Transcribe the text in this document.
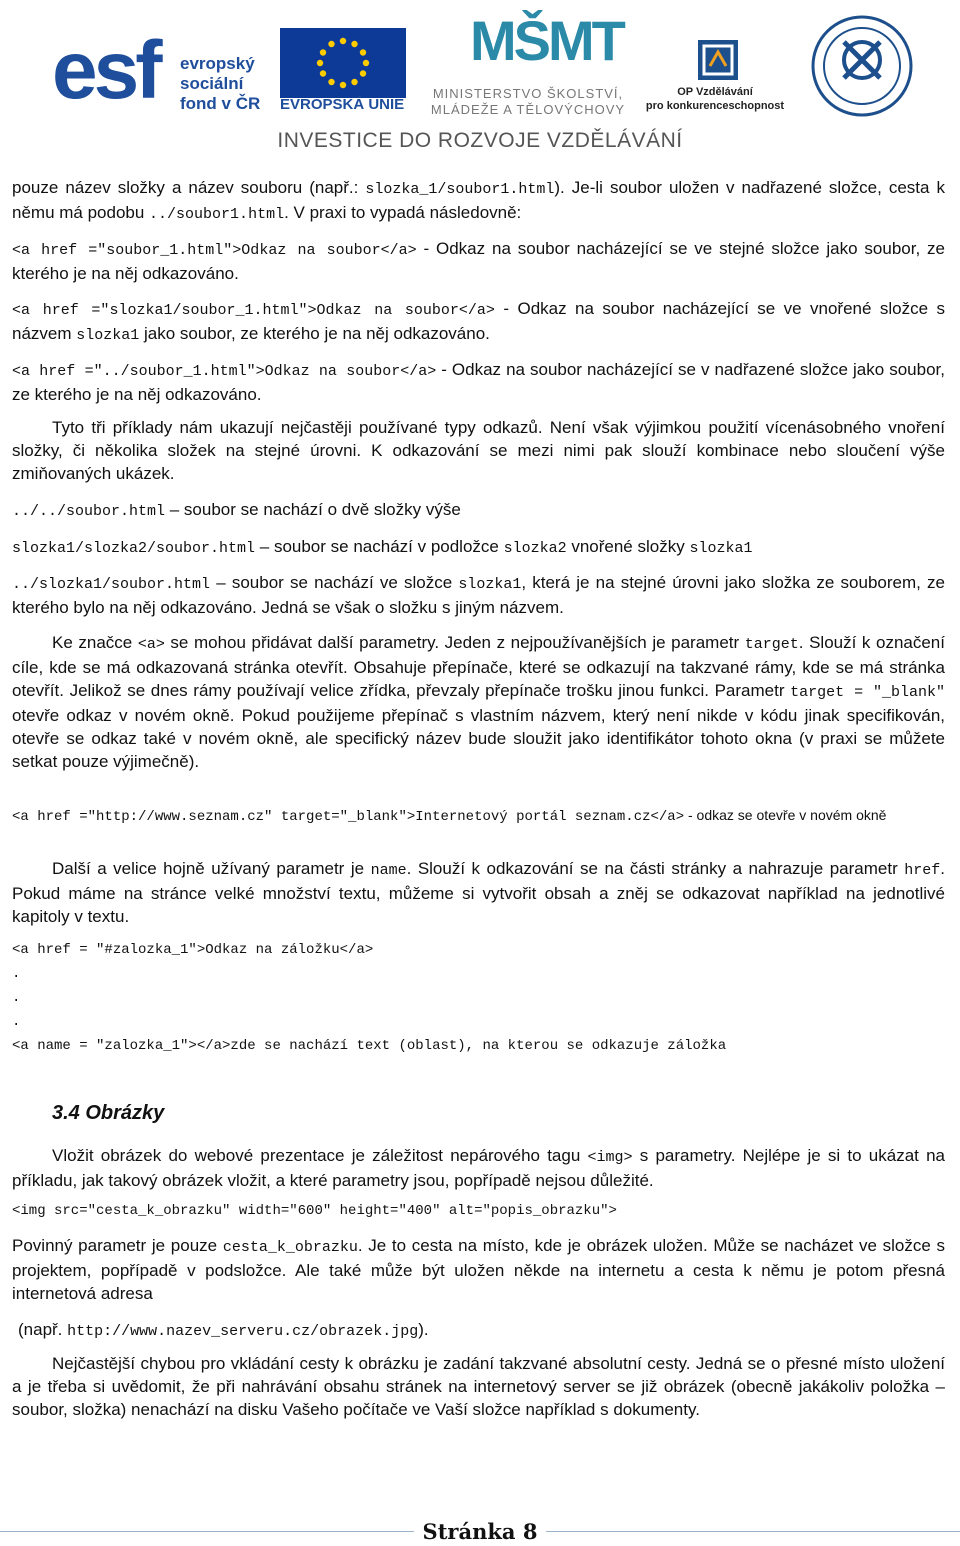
esf evropský
sociální
fond v ČR EVROPSKÁ UNIE
MŠMT
MINISTERSTVO ŠKOLSTVÍ,
MLÁDEŽE A TĚLOVÝCHOVY
OP Vzdělávání
pro konkurenceschopnost
INVESTICE DO ROZVOJE VZDĚLÁVÁNÍ
pouze název složky a název souboru (např.: slozka_1/soubor1.html). Je-li soubor uložen v nadřazené složce, cesta k němu má podobu ../soubor1.html. V praxi to vypadá následovně:
<a href ="soubor_1.html">Odkaz na soubor</a> - Odkaz na soubor nacházející se ve stejné složce jako soubor, ze kterého je na něj odkazováno.
<a href ="slozka1/soubor_1.html">Odkaz na soubor</a> - Odkaz na soubor nacházející se ve vnořené složce s názvem slozka1 jako soubor, ze kterého je na něj odkazováno.
<a href ="../soubor_1.html">Odkaz na soubor</a> - Odkaz na soubor nacházející se v nadřazené složce jako soubor, ze kterého je na něj odkazováno.
Tyto tři příklady nám ukazují nejčastěji používané typy odkazů. Není však výjimkou použití vícenásobného vnoření složky, či několika složek na stejné úrovni. K odkazování se mezi nimi pak slouží kombinace nebo sloučení výše zmiňovaných ukázek.
../../soubor.html – soubor se nachází o dvě složky výše
slozka1/slozka2/soubor.html – soubor se nachází v podložce slozka2 vnořené složky slozka1
../slozka1/soubor.html – soubor se nachází ve složce slozka1, která je na stejné úrovni jako složka ze souborem, ze kterého bylo na něj odkazováno. Jedná se však o složku s jiným názvem.
Ke značce <a> se mohou přidávat další parametry. Jeden z nejpoužívanějších je parametr target. Slouží k označení cíle, kde se má odkazovaná stránka otevřít. Obsahuje přepínače, které se odkazují na takzvané rámy, kde se má stránka otevřít. Jelikož se dnes rámy používají velice zřídka, převzaly přepínače trošku jinou funkci. Parametr target = "_blank" otevře odkaz v novém okně. Pokud použijeme přepínač s vlastním názvem, který není nikde v kódu jinak specifikován, otevře se odkaz také v novém okně, ale specifický název bude sloužit jako identifikátor tohoto okna (v praxi se můžete setkat pouze výjimečně).
<a href ="http://www.seznam.cz" target="_blank">Internetový portál seznam.cz</a> - odkaz se otevře v novém okně
Další a velice hojně užívaný parametr je name. Slouží k odkazování se na části stránky a nahrazuje parametr href. Pokud máme na stránce velké množství textu, můžeme si vytvořit obsah a zněj se odkazovat například na jednotlivé kapitoly v textu.
<a href = "#zalozka_1">Odkaz na záložku</a>
.
.
.
<a name = "zalozka_1"></a>zde se nachází text (oblast), na kterou se odkazuje záložka
3.4 Obrázky
Vložit obrázek do webové prezentace je záležitost nepárového tagu <img> s parametry. Nejlépe je si to ukázat na příkladu, jak takový obrázek vložit, a které parametry jsou, popřípadě nejsou důležité.
<img src="cesta_k_obrazku" width="600" height="400" alt="popis_obrazku">
Povinný parametr je pouze cesta_k_obrazku. Je to cesta na místo, kde je obrázek uložen. Může se nacházet ve složce s projektem, popřípadě v podsložce. Ale také může být uložen někde na internetu a cesta k němu je potom přesná internetová adresa
(např. http://www.nazev_serveru.cz/obrazek.jpg).
Nejčastější chybou pro vkládání cesty k obrázku je zadání takzvané absolutní cesty. Jedná se o přesné místo uložení a je třeba si uvědomit, že při nahrávání obsahu stránek na internetový server se již obrázek (obecně jakákoliv položka – soubor, složka) nenachází na disku Vašeho počítače ve Vaší složce například s dokumenty.
Stránka 8
